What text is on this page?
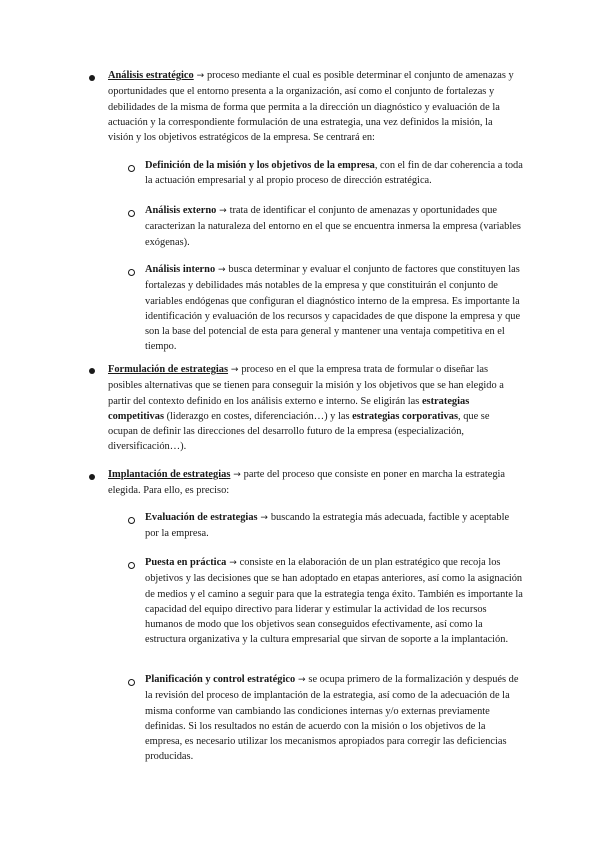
Análisis estratégico → proceso mediante el cual es posible determinar el conjunto de amenazas y oportunidades que el entorno presenta a la organización, así como el conjunto de fortalezas y debilidades de la misma de forma que permita a la dirección un diagnóstico y evaluación de la actuación y la correspondiente formulación de una estrategia, una vez definidos la misión, la visión y los objetivos estratégicos de la empresa. Se centrará en:
Definición de la misión y los objetivos de la empresa, con el fin de dar coherencia a toda la actuación empresarial y al propio proceso de dirección estratégica.
Análisis externo → trata de identificar el conjunto de amenazas y oportunidades que caracterizan la naturaleza del entorno en el que se encuentra inmersa la empresa (variables exógenas).
Análisis interno → busca determinar y evaluar el conjunto de factores que constituyen las fortalezas y debilidades más notables de la empresa y que constituirán el conjunto de variables endógenas que configuran el diagnóstico interno de la empresa. Es importante la identificación y evaluación de los recursos y capacidades de que dispone la empresa y que son la base del potencial de esta para general y mantener una ventaja competitiva en el tiempo.
Formulación de estrategias → proceso en el que la empresa trata de formular o diseñar las posibles alternativas que se tienen para conseguir la misión y los objetivos que se han elegido a partir del contexto definido en los análisis externo e interno. Se eligirán las estrategias competitivas (liderazgo en costes, diferenciación…) y las estrategias corporativas, que se ocupan de definir las direcciones del desarrollo futuro de la empresa (especialización, diversificación…).
Implantación de estrategias → parte del proceso que consiste en poner en marcha la estrategia elegida. Para ello, es preciso:
Evaluación de estrategias → buscando la estrategia más adecuada, factible y aceptable por la empresa.
Puesta en práctica → consiste en la elaboración de un plan estratégico que recoja los objetivos y las decisiones que se han adoptado en etapas anteriores, así como la asignación de medios y el camino a seguir para que la estrategia tenga éxito. También es importante la capacidad del equipo directivo para liderar y estimular la actividad de los recursos humanos de modo que los objetivos sean conseguidos efectivamente, así como la estructura organizativa y la cultura empresarial que sirvan de soporte a la implantación.
Planificación y control estratégico → se ocupa primero de la formalización y después de la revisión del proceso de implantación de la estrategia, así como de la adecuación de la misma conforme van cambiando las condiciones internas y/o externas previamente definidas. Si los resultados no están de acuerdo con la misión o los objetivos de la empresa, es necesario utilizar los mecanismos apropiados para corregir las deficiencias producidas.
